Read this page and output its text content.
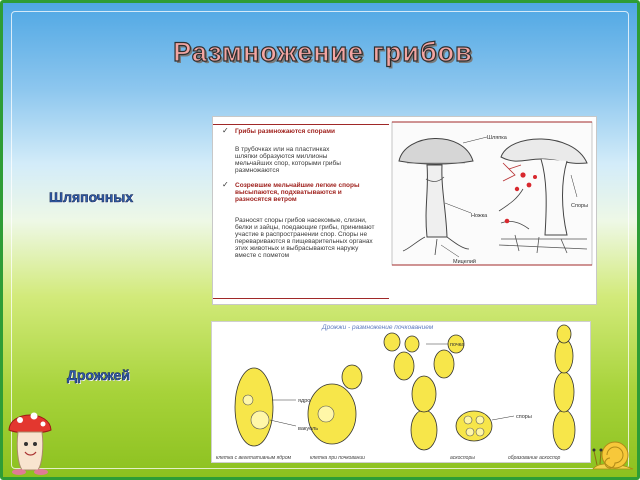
Размножение грибов
Шляпочных
Дрожжей
✓ Грибы размножаются спорами
В трубочках или на пластинках шляпки образуются миллионы мельчайших спор, которыми грибы размножаются
✓ Созревшие мельчайшие легкие споры высыпаются, подхватываются и разносятся ветром
Разносят споры грибов насекомые, слизни, белки и зайцы, поедающие грибы, принимают участие в распространении спор. Споры не перевариваются в пищеварительных органах этих животных и выбрасываются наружу вместе с пометом
Шляпка
Ножка
Мицелий
Споры
Дрожжи - размножение почкованием
ядро
вакуоль
почка
споры
клетка с вегетативным ядром	клетка при почковании	аскоспоры	образование аскоспор
